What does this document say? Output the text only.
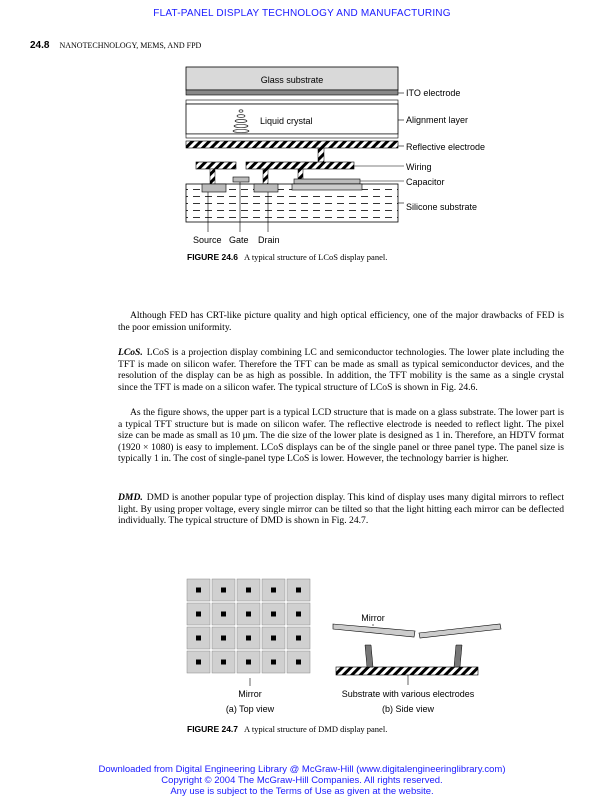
FLAT-PANEL DISPLAY TECHNOLOGY AND MANUFACTURING
24.8 NANOTECHNOLOGY, MEMS, AND FPD
Glass substrate
ITO electrode
Liquid crystal	Alignment layer
Reflective electrode
Wiring
Capacitor
Silicone substrate
Source Gate Drain
FIGURE 24.6 A typical structure of LCoS display panel.
Although FED has CRT-like picture quality and high optical efficiency, one of the major drawbacks of FED is the poor emission uniformity.
LCoS. LCoS is a projection display combining LC and semiconductor technologies. The lower plate including the TFT is made on silicon wafer. Therefore the TFT can be made as small as typical semiconductor devices, and the resolution of the display can be as high as possible. In addition, the TFT mobility is the same as a single crystal since the TFT is made on a silicon wafer. The typical structure of LCoS is shown in Fig. 24.6.
As the figure shows, the upper part is a typical LCD structure that is made on a glass substrate. The lower part is a typical TFT structure but is made on silicon wafer. The reflective electrode is needed to reflect light. The pixel size can be made as small as 10 μm. The die size of the lower plate is designed as 1 in. Therefore, an HDTV format (1920 × 1080) is easy to implement. LCoS displays can be of the single panel or three panel type. The panel size is typically 1 in. The cost of single-panel type LCoS is lower. However, the technology barrier is higher.
DMD. DMD is another popular type of projection display. This kind of display uses many digital mirrors to reflect light. By using proper voltage, every single mirror can be tilted so that the light hitting each mirror can be deflected individually. The typical structure of DMD is shown in Fig. 24.7.
Mirror
(a) Top view
Mirror
Substrate with various electrodes
(b) Side view
FIGURE 24.7 A typical structure of DMD display panel.
Downloaded from Digital Engineering Library @ McGraw-Hill (www.digitalengineeringlibrary.com)
Copyright © 2004 The McGraw-Hill Companies. All rights reserved.
Any use is subject to the Terms of Use as given at the website.
